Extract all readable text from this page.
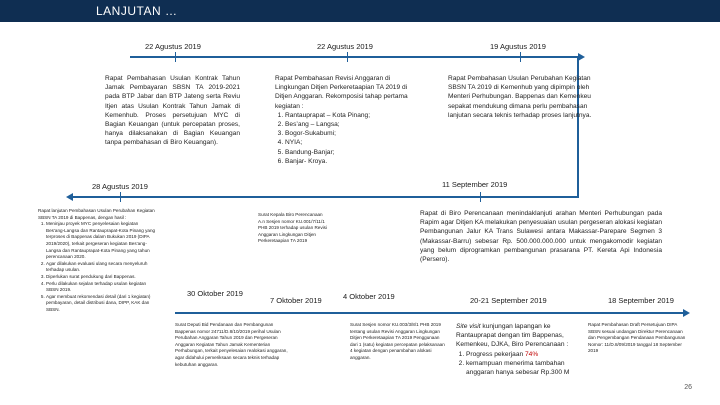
LANJUTAN …
22 Agustus 2019	22 Agustus 2019	19 Agustus 2019
Rapat Pembahasan Usulan Kontrak Tahun Jamak Pembayaran SBSN TA 2019-2021 pada BTP Jabar dan BTP Jateng serta Reviu Itjen atas Usulan Kontrak Tahun Jamak di Kemenhub. Proses persetujuan MYC di Bagian Keuangan (untuk percepatan proses, hanya dilaksanakan di Bagian Keuangan tanpa pembahasan di Biro Keuangan).
Rapat Pembahasan Revisi Anggaran di Lingkungan Ditjen Perkeretaapian TA 2019 di Ditjen Anggaran. Rekomposisi tahap pertama kegiatan :
1. Rantauprapat – Kota Pinang;
2. Bes’ang – Langsa;
3. Bogor-Sukabumi;
4. NYIA;
5. Bandung-Banjar;
6. Banjar- Kroya.
Rapat Pembahasan Usulan Perubahan Kegiatan SBSN TA 2019 di Kemenhub yang dipimpin oleh Menteri Perhubungan. Bappenas dan Kemenkeu sepakat mendukung dimana perlu pembahasan lanjutan secara teknis terhadap proses lanjutnya.
28 Agustus 2019	11 September 2019
Rapat lanjutan Pembahasan Usulan Perubahan Kegiatan SBSN TA 2019 di Bappenas, dengan hasil :
1. Meninjau proyek MYC penyelesaian kegiatan Bes’ang-Langsa dan Rantauprapat-Kota Pinang yang terproses di Bappenas dalam Bukukan 2019 (DIPA 2019/2020), terkait pergeseran kegiatan Bes’ang-Langsa dan Rantauprapat-Kota Pinang yang tahun perencanaan 2020.
2. Agar dilakukan evaluasi ulang secara menyeluruh terhadap usulan.
3. Diperlukan surat pendukung dari Bappenas.
4. Perlu dilakukan sejalan terhadap usulan kegiatan SBSN 2019.
5. Agar membuat rekomendasi detail (dari 1 kegiatan) pembayaran, detail distribusi dana, DIPP, KAK dan SBSN.
Surat Kepala Biro Perencanaan A.n Sesjen nomor KU.001/7/11/1 PHB 2019 terhadap usulan Revisi Anggaran Lingkungan Ditjen Perkeretaapian TA 2019
Rapat di Biro Perencanaan menindaklanjuti arahan Menteri Perhubungan pada Rapim agar Ditjen KA melakukan penyesuaian usulan pergeseran alokasi kegiatan Pembangunan Jalur KA Trans Sulawesi antara Makassar-Parepare Segmen 3 (Makassar-Barru) sebesar Rp. 500.000.000.000 untuk mengakomodir kegiatan yang belum diprogramkan pembangunan prasarana PT. Kereta Api Indonesia (Persero).
30 Oktober 2019
7 Oktober 2019	4 Oktober 2019	20-21 September 2019	18 September 2019
Surat Deputi Bid Pendanaan dan Pembangunan Bappenas nomor 24711/D.8/10/2019 perihal Usulan Perubahan Anggaran Tahun 2019 dan Pergeseran Anggaran Kegiatan Tahun Jamak Kementerian Perhubungan, terkait penyelesaian realokasi anggaran, agar didahului pemeriksaan secara teknis terhadap kebutuhan anggaran.
Surat Sesjen nomor KU.003/3/8/1 PHB 2019 tentang usulan Revisi Anggaran Lingkungan Ditjen Perkeretaapian TA 2019 Penggunaan dari 1 (satu) kegiatan percepatan pelaksanaan 4 kegiatan dengan penambahan alokasi anggaran.
Site visit kunjungan lapangan ke Rantauprapat dengan tim Bappenas, Kemenkeu, DJKA, Biro Perencanaan :
1. Progress pekerjaan 74%
2. kemampuan menerima tambahan anggaran hanya sebesar Rp.300 M
Rapat Pembahasan Draft Persetujuan DIPA SBSN sesuai undangan Direktur Perencanaan dan Pengembangan Pendanaan Pembangunan Nomor: 11/D.8/09/2019 tanggal 18 September 2019
26
